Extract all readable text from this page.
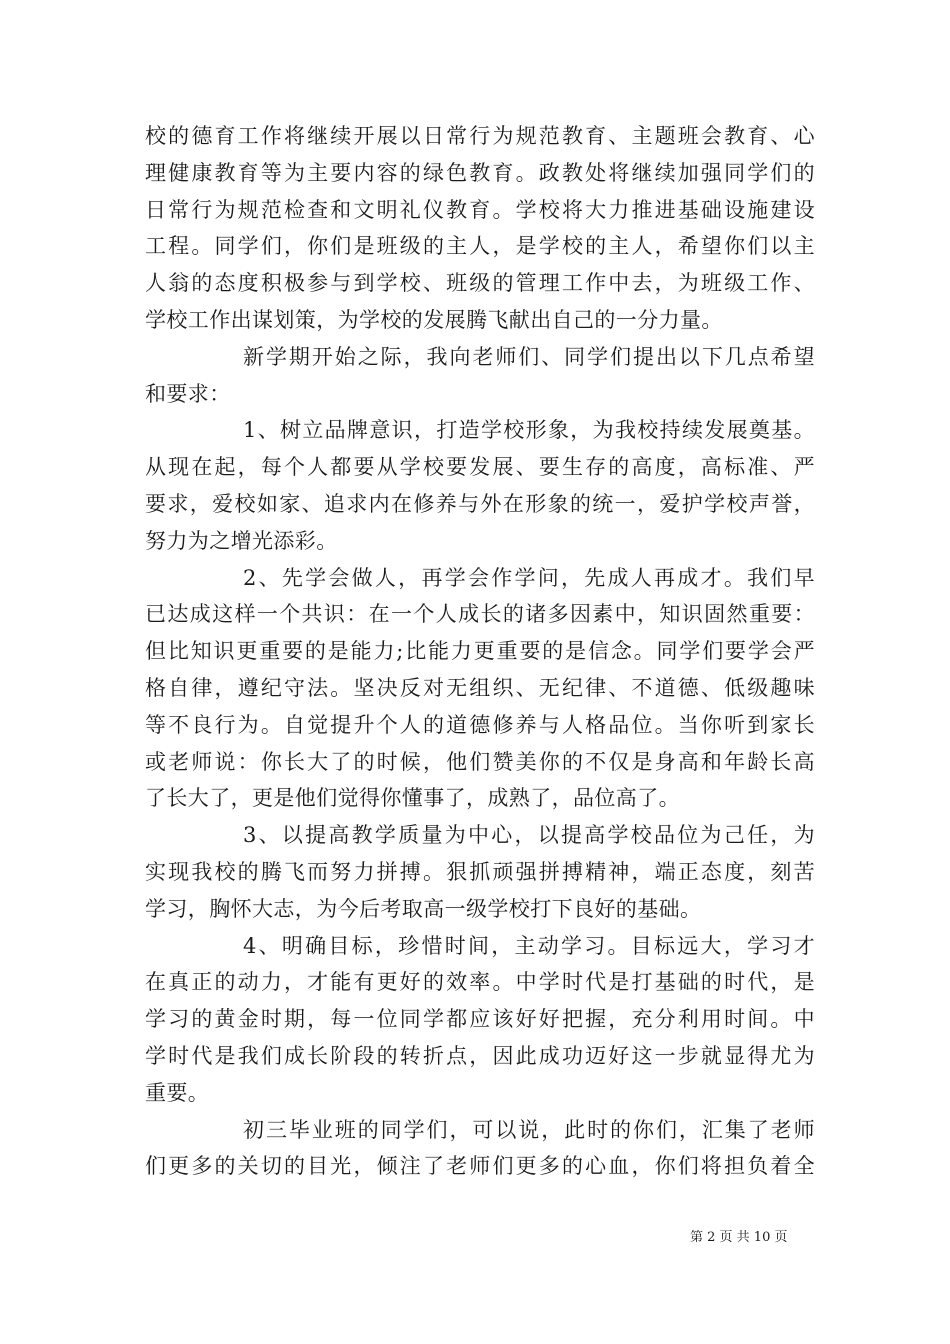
校的德育工作将继续开展以日常行为规范教育、主题班会教育、心
理健康教育等为主要内容的绿色教育。政教处将继续加强同学们的
日常行为规范检查和文明礼仪教育。学校将大力推进基础设施建设
工程。同学们，你们是班级的主人，是学校的主人，希望你们以主
人翁的态度积极参与到学校、班级的管理工作中去，为班级工作、
学校工作出谋划策，为学校的发展腾飞献出自己的一分力量。
新学期开始之际，我向老师们、同学们提出以下几点希望
和要求：
1、树立品牌意识，打造学校形象，为我校持续发展奠基。
从现在起，每个人都要从学校要发展、要生存的高度，高标准、严
要求，爱校如家、追求内在修养与外在形象的统一，爱护学校声誉，
努力为之增光添彩。
2、先学会做人，再学会作学问，先成人再成才。我们早
已达成这样一个共识：在一个人成长的诸多因素中，知识固然重要：
但比知识更重要的是能力;比能力更重要的是信念。同学们要学会严
格自律，遵纪守法。坚决反对无组织、无纪律、不道德、低级趣味
等不良行为。自觉提升个人的道德修养与人格品位。当你听到家长
或老师说：你长大了的时候，他们赞美你的不仅是身高和年龄长高
了长大了，更是他们觉得你懂事了，成熟了，品位高了。
3、以提高教学质量为中心，以提高学校品位为己任，为
实现我校的腾飞而努力拼搏。狠抓顽强拼搏精神，端正态度，刻苦
学习，胸怀大志，为今后考取高一级学校打下良好的基础。
4、明确目标，珍惜时间，主动学习。目标远大，学习才
在真正的动力，才能有更好的效率。中学时代是打基础的时代，是
学习的黄金时期，每一位同学都应该好好把握，充分利用时间。中
学时代是我们成长阶段的转折点，因此成功迈好这一步就显得尤为
重要。
初三毕业班的同学们，可以说，此时的你们，汇集了老师
们更多的关切的目光，倾注了老师们更多的心血，你们将担负着全
第 2 页 共 10 页
